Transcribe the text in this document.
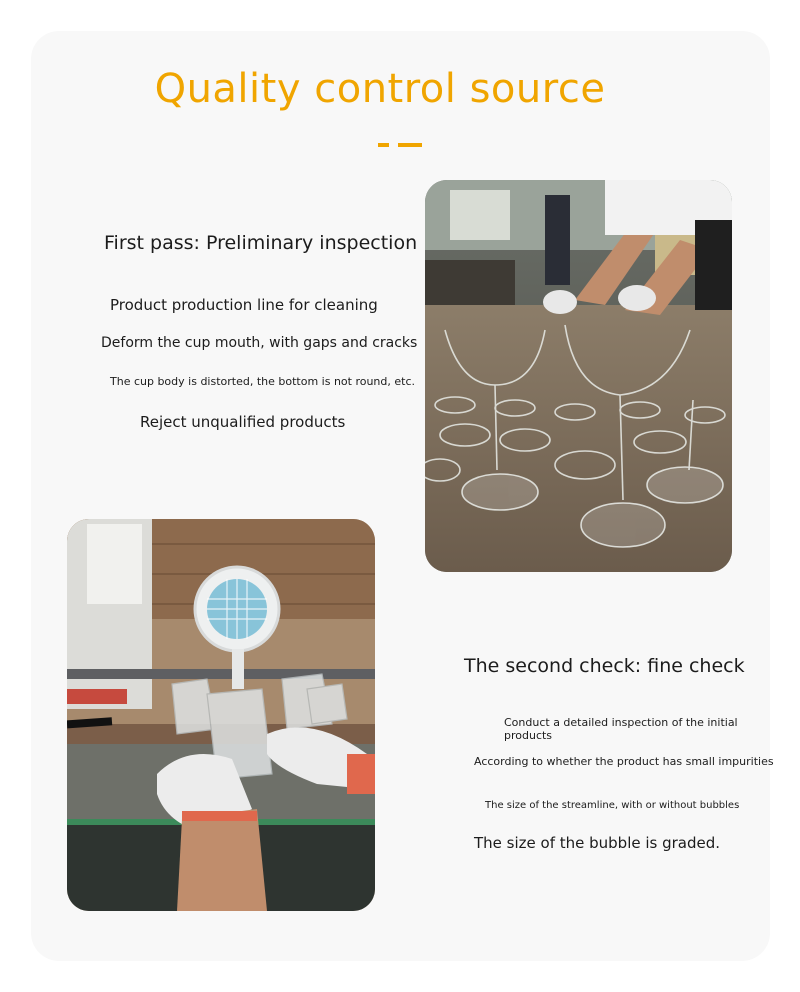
Quality control source
First pass: Preliminary inspection
Product production line for cleaning
Deform the cup mouth, with gaps and cracks
The cup body is distorted, the bottom is not round, etc.
Reject unqualified products
The second check: fine check
Conduct a detailed inspection of the initial products
According to whether the product has small impurities
The size of the streamline, with or without bubbles
The size of the bubble is graded.
